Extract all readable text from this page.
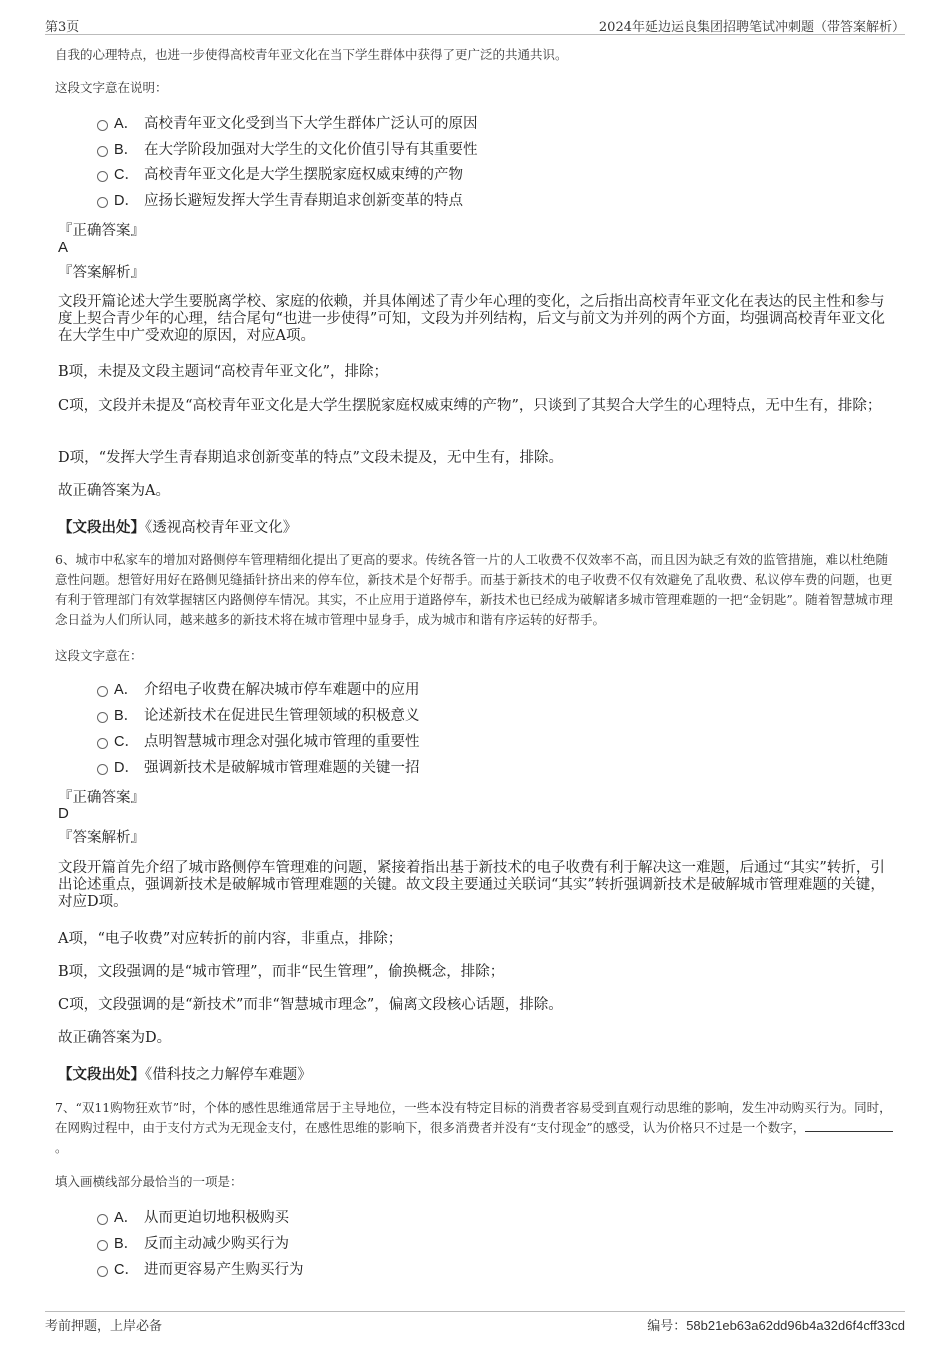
第3页	2024年延边运良集团招聘笔试冲刺题（带答案解析）
自我的心理特点，也进一步使得高校青年亚文化在当下学生群体中获得了更广泛的共通共识。
这段文字意在说明：
A． 高校青年亚文化受到当下大学生群体广泛认可的原因
B． 在大学阶段加强对大学生的文化价值引导有其重要性
C． 高校青年亚文化是大学生摆脱家庭权威束缚的产物
D． 应扬长避短发挥大学生青春期追求创新变革的特点
『正确答案』
A
『答案解析』
文段开篇论述大学生要脱离学校、家庭的依赖，并具体阐述了青少年心理的变化，之后指出高校青年亚文化在表达的民主性和参与度上契合青少年的心理，结合尾句“也进一步使得”可知，文段为并列结构，后文与前文为并列的两个方面，均强调高校青年亚文化在大学生中广受欢迎的原因，对应A项。
B项，未提及文段主题词“高校青年亚文化”，排除；
C项，文段并未提及“高校青年亚文化是大学生摆脱家庭权威束缚的产物”，只谈到了其契合大学生的心理特点，无中生有，排除；
D项，“发挥大学生青春期追求创新变革的特点”文段未提及，无中生有，排除。
故正确答案为A。
【文段出处】《透视高校青年亚文化》
6、城市中私家车的增加对路侧停车管理精细化提出了更高的要求。传统各管一片的人工收费不仅效率不高，而且因为缺乏有效的监管措施，难以杜绝随意性问题。想管好用好在路侧见缝插针挤出来的停车位，新技术是个好帮手。而基于新技术的电子收费不仅有效避免了乱收费、私议停车费的问题，也更有利于管理部门有效掌握辖区内路侧停车情况。其实，不止应用于道路停车，新技术也已经成为破解诸多城市管理难题的一把“金钥匙”。随着智慧城市理念日益为人们所认同，越来越多的新技术将在城市管理中显身手，成为城市和谐有序运转的好帮手。
这段文字意在：
A． 介绍电子收费在解决城市停车难题中的应用
B． 论述新技术在促进民生管理领域的积极意义
C． 点明智慧城市理念对强化城市管理的重要性
D． 强调新技术是破解城市管理难题的关键一招
『正确答案』
D
『答案解析』
文段开篇首先介绍了城市路侧停车管理难的问题，紧接着指出基于新技术的电子收费有利于解决这一难题，后通过“其实”转折，引出论述重点，强调新技术是破解城市管理难题的关键。故文段主要通过关联词“其实”转折强调新技术是破解城市管理难题的关键，对应D项。
A项，“电子收费”对应转折的前内容，非重点，排除；
B项，文段强调的是“城市管理”，而非“民生管理”，偷换概念，排除；
C项，文段强调的是“新技术”而非“智慧城市理念”，偏离文段核心话题，排除。
故正确答案为D。
【文段出处】《借科技之力解停车难题》
7、“双11购物狂欢节”时，个体的感性思维通常居于主导地位，一些本没有特定目标的消费者容易受到直观行动思维的影响，发生冲动购买行为。同时，在网购过程中，由于支付方式为无现金支付，在感性思维的影响下，很多消费者并没有“支付现金”的感受，认为价格只不过是一个数字，。
填入画横线部分最恰当的一项是：
A． 从而更迫切地积极购买
B． 反而主动减少购买行为
C． 进而更容易产生购买行为
考前押题，上岸必备	编号：58b21eb63a62dd96b4a32d6f4cff33cd
